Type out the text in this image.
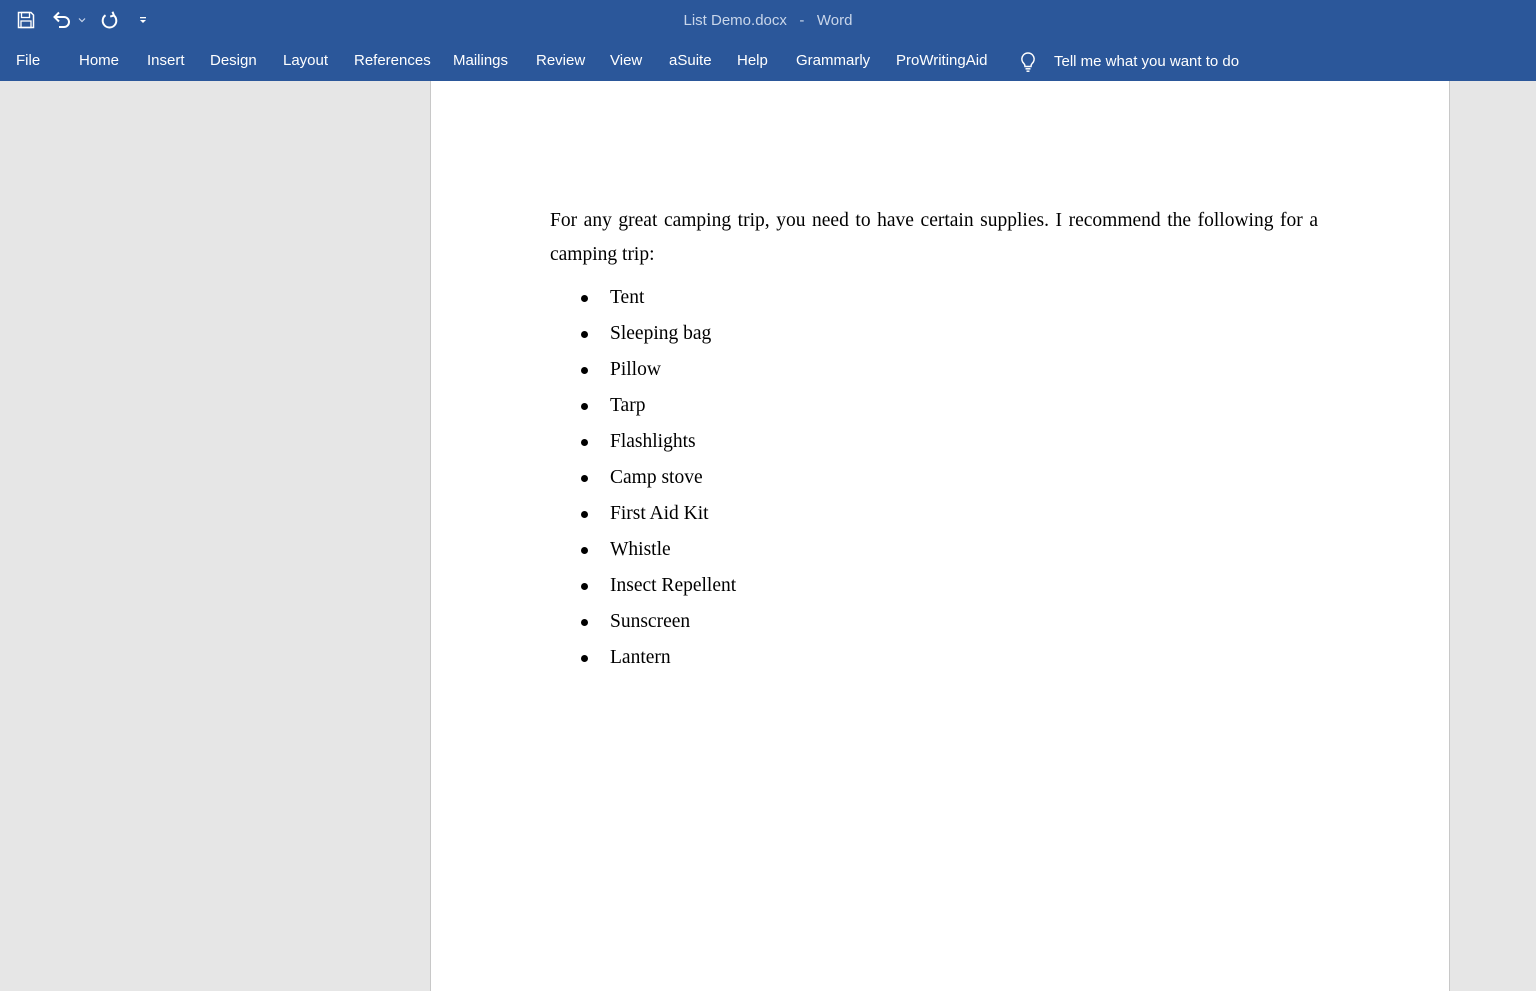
List Demo.docx - Word
File	Home Insert Design Layout References Mailings Review View aSuite Help Grammarly ProWritingAid	Tell me what you want to do

For any great camping trip, you need to have certain supplies. I recommend the following for a camping trip:

Tent
Sleeping bag
Pillow
Tarp
Flashlights
Camp stove
First Aid Kit
Whistle
Insect Repellent
Sunscreen
Lantern
